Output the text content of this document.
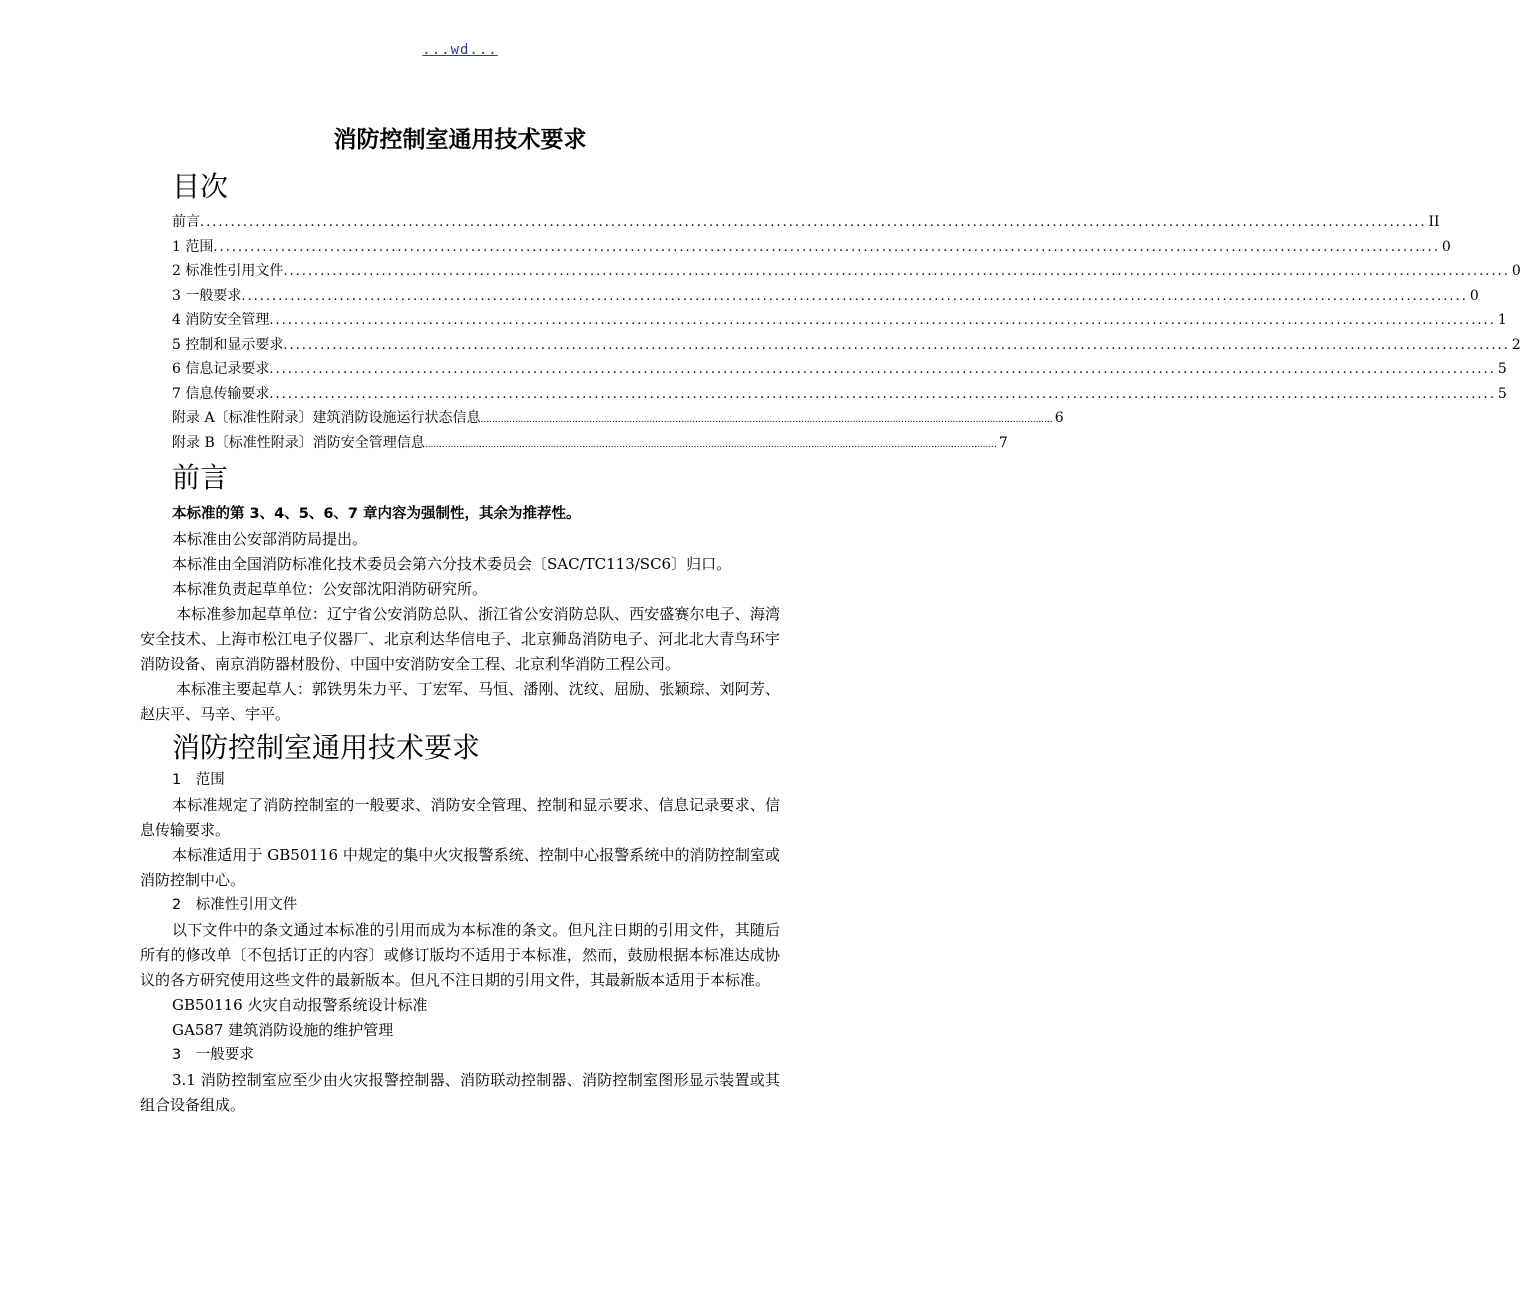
...wd...
消防控制室通用技术要求
目次
前言 ........................................................................................................................................................................................................ II
1 范围 ........................................................................................................................................................................................................ 0
2 标准性引用文件 ........................................................................................................................................................................................................ 0
3 一般要求 ........................................................................................................................................................................................................ 0
4 消防安全管理 ........................................................................................................................................................................................................ 1
5 控制和显示要求 ........................................................................................................................................................................................................ 2
6 信息记录要求 ........................................................................................................................................................................................................ 5
7 信息传输要求 ........................................................................................................................................................................................................ 5
附录 A〔标准性附录〕建筑消防设施运行状态信息 ........................................................................................................................................................................................................ 6
附录 B〔标准性附录〕消防安全管理信息 ........................................................................................................................................................................................................ 7
前言

本标准的第 3、4、5、6、7 章内容为强制性，其余为推荐性。

本标准由公安部消防局提出。

本标准由全国消防标准化技术委员会第六分技术委员会〔SAC/TC113/SC6〕归口。

本标准负责起草单位：公安部沈阳消防研究所。

本标准参加起草单位：辽宁省公安消防总队、浙江省公安消防总队、西安盛赛尔电子、海湾安全技术、上海市松江电子仪器厂、北京利达华信电子、北京狮岛消防电子、河北北大青鸟环宇消防设备、南京消防器材股份、中国中安消防安全工程、北京利华消防工程公司。

本标准主要起草人：郭铁男朱力平、丁宏军、马恒、潘刚、沈纹、屈励、张颖琮、刘阿芳、赵庆平、马辛、宇平。

消防控制室通用技术要求

1　范围

本标准规定了消防控制室的一般要求、消防安全管理、控制和显示要求、信息记录要求、信息传输要求。

本标准适用于 GB50116 中规定的集中火灾报警系统、控制中心报警系统中的消防控制室或消防控制中心。

2　标准性引用文件

以下文件中的条文通过本标准的引用而成为本标准的条文。但凡注日期的引用文件，其随后所有的修改单〔不包括订正的内容〕或修订版均不适用于本标准，然而，鼓励根据本标准达成协议的各方研究使用这些文件的最新版本。但凡不注日期的引用文件，其最新版本适用于本标准。

GB50116 火灾自动报警系统设计标准

GA587 建筑消防设施的维护管理

3　一般要求

3.1 消防控制室应至少由火灾报警控制器、消防联动控制器、消防控制室图形显示装置或其组合设备组成。
